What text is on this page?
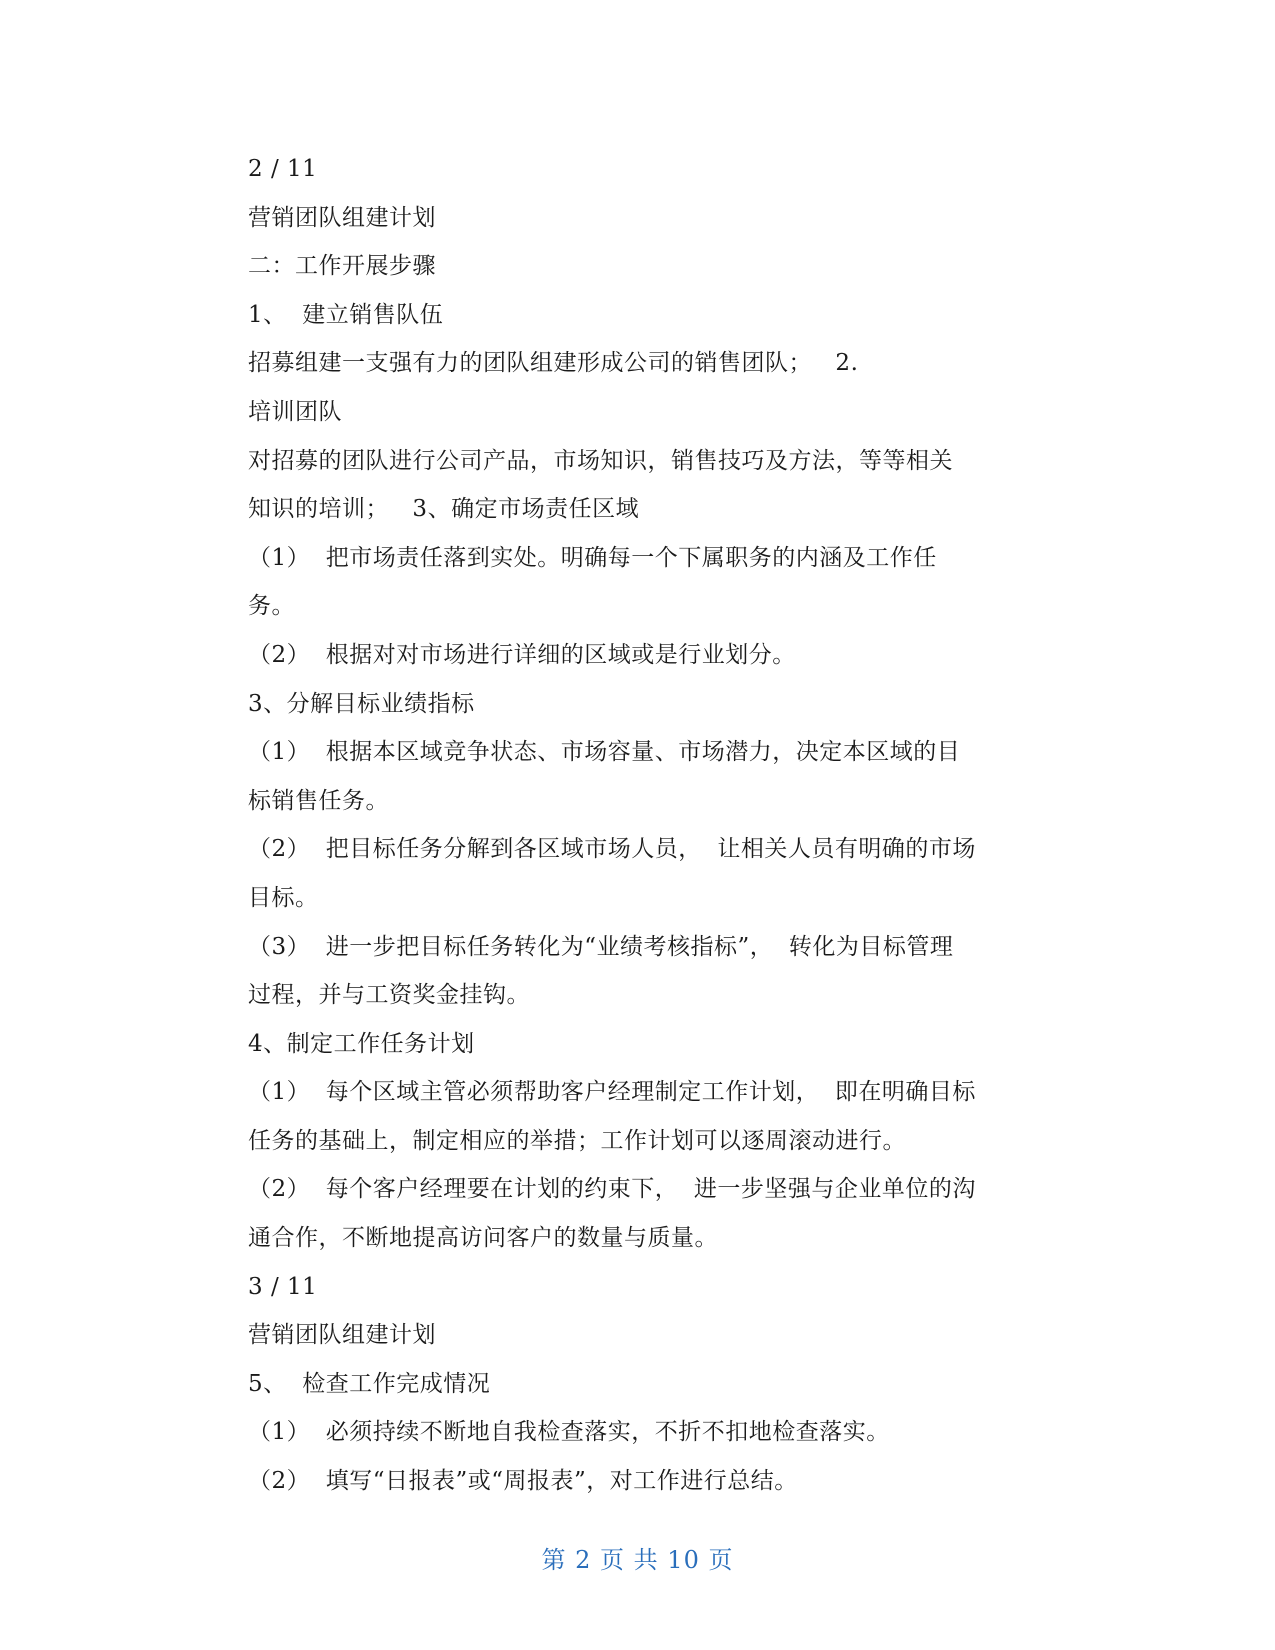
2 / 11
营销团队组建计划
二：工作开展步骤
1、  建立销售队伍
招募组建一支强有力的团队组建形成公司的销售团队；   2.
培训团队
对招募的团队进行公司产品，市场知识，销售技巧及方法，等等相关
知识的培训；   3、确定市场责任区域
（1）  把市场责任落到实处。明确每一个下属职务的内涵及工作任
务。
（2）  根据对对市场进行详细的区域或是行业划分。
3、分解目标业绩指标
（1）  根据本区域竞争状态、市场容量、市场潜力，决定本区域的目
标销售任务。
（2）  把目标任务分解到各区域市场人员，  让相关人员有明确的市场
目标。
（3）  进一步把目标任务转化为“业绩考核指标”，  转化为目标管理
过程，并与工资奖金挂钩。
4、制定工作任务计划
（1）  每个区域主管必须帮助客户经理制定工作计划，  即在明确目标
任务的基础上，制定相应的举措；工作计划可以逐周滚动进行。
（2）  每个客户经理要在计划的约束下，  进一步坚强与企业单位的沟
通合作，不断地提高访问客户的数量与质量。
3 / 11
营销团队组建计划
5、  检查工作完成情况
（1）  必须持续不断地自我检查落实，不折不扣地检查落实。
（2）  填写“日报表”或“周报表”，对工作进行总结。
第 2 页 共 10 页
